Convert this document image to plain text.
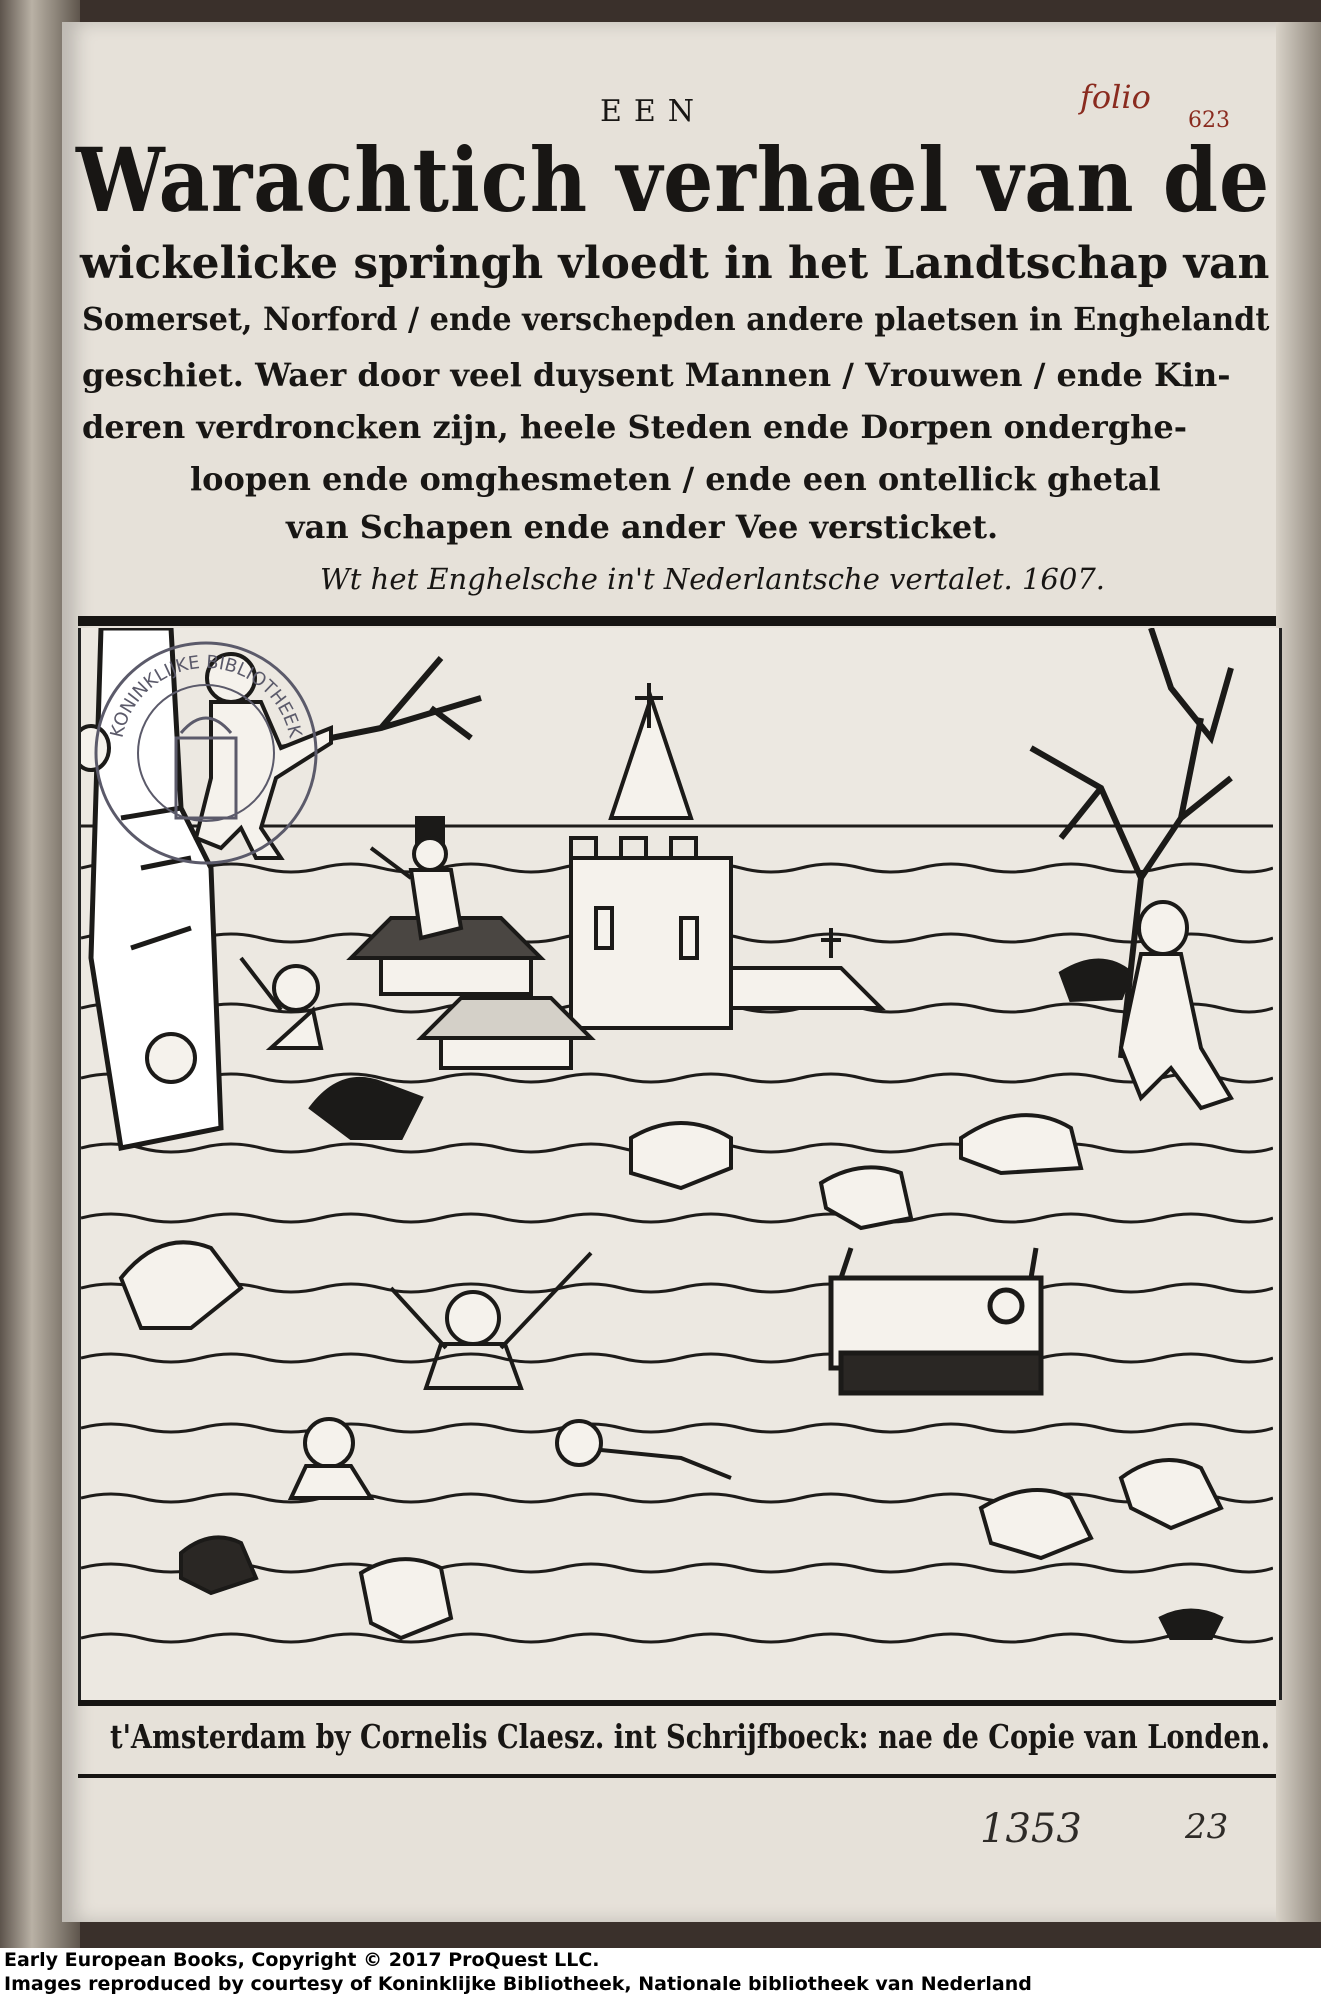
EEN
Warachtich verhael van de
wickelicke springh vloedt in het Landtschap van
Somerset, Norford / ende verschepden andere plaetsen in Enghelandt
geschiet. Waer door veel duysent Mannen / Vrouwen / ende Kin-
deren verdroncken zijn, heele Steden ende Dorpen onderghe-
loopen ende omghesmeten / ende een ontellick ghetal
van Schapen ende ander Vee versticket.
Wt het Enghelsche in't Nederlantsche vertalet. 1607.
folio
623
KONINKLIJKE BIBLIOTHEEK
t'Amsterdam by Cornelis Claesz. int Schrijfboeck: nae de Copie van Londen.
1353	23
Early European Books, Copyright © 2017 ProQuest LLC.
Images reproduced by courtesy of Koninklijke Bibliotheek, Nationale bibliotheek van Nederland
